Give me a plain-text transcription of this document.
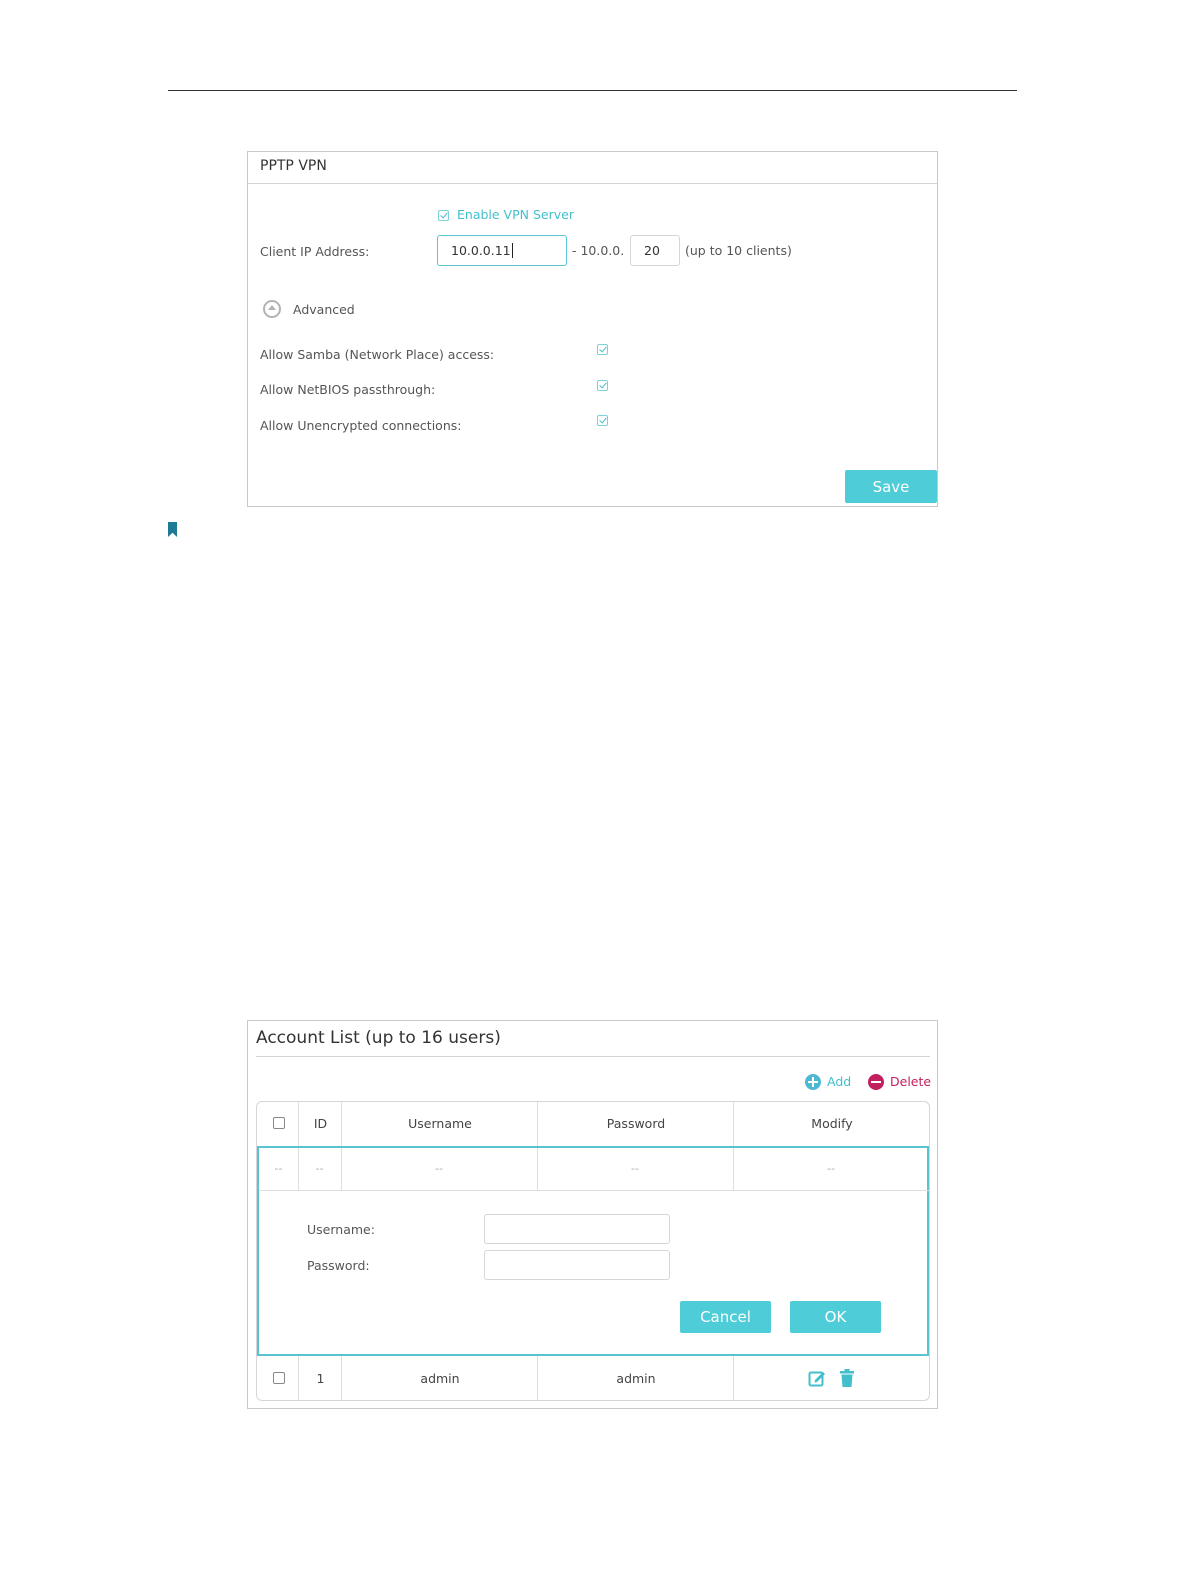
PPTP VPN
Enable VPN Server
Client IP Address:	10.0.0.11	- 10.0.0. 20 (up to 10 clients)
Advanced
Allow Samba (Network Place) access:
Allow NetBIOS passthrough:
Allow Unencrypted connections:
Save
Account List (up to 16 users)
Add	Delete
ID	Username	Password	Modify
--	--	--	--	--
Username:
Password:
Cancel	OK
1	admin	admin
